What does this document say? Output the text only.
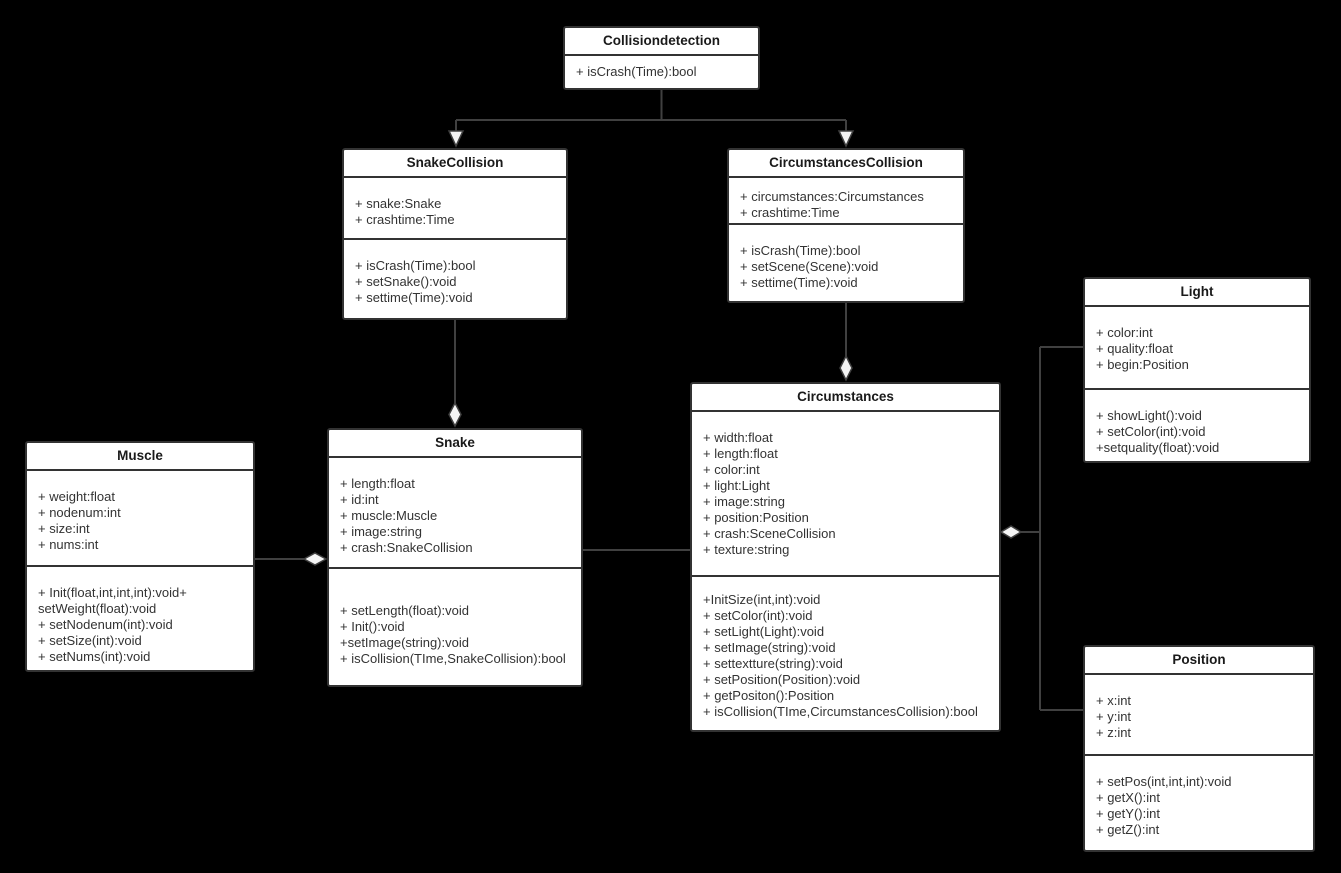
Collisiondetection
+ isCrash(Time):bool
SnakeCollision
+ snake:Snake
+ crashtime:Time
+ isCrash(Time):bool
+ setSnake():void
+ settime(Time):void
CircumstancesCollision
+ circumstances:Circumstances
+ crashtime:Time
+ isCrash(Time):bool
+ setScene(Scene):void
+ settime(Time):void
Muscle
+ weight:float
+ nodenum:int
+ size:int
+ nums:int
+ Init(float,int,int,int):void+
setWeight(float):void
+ setNodenum(int):void
+ setSize(int):void
+ setNums(int):void
Snake
+ length:float
+ id:int
+ muscle:Muscle
+ image:string
+ crash:SnakeCollision
+ setLength(float):void
+ Init():void
+setImage(string):void
+ isCollision(TIme,SnakeCollision):bool
Circumstances
+ width:float
+ length:float
+ color:int
+ light:Light
+ image:string
+ position:Position
+ crash:SceneCollision
+ texture:string
+InitSize(int,int):void
+ setColor(int):void
+ setLight(Light):void
+ setImage(string):void
+ settextture(string):void
+ setPosition(Position):void
+ getPositon():Position
+ isCollision(TIme,CircumstancesCollision):bool
Light
+ color:int
+ quality:float
+ begin:Position
+ showLight():void
+ setColor(int):void
+setquality(float):void
Position
+ x:int
+ y:int
+ z:int
+ setPos(int,int,int):void
+ getX():int
+ getY():int
+ getZ():int
